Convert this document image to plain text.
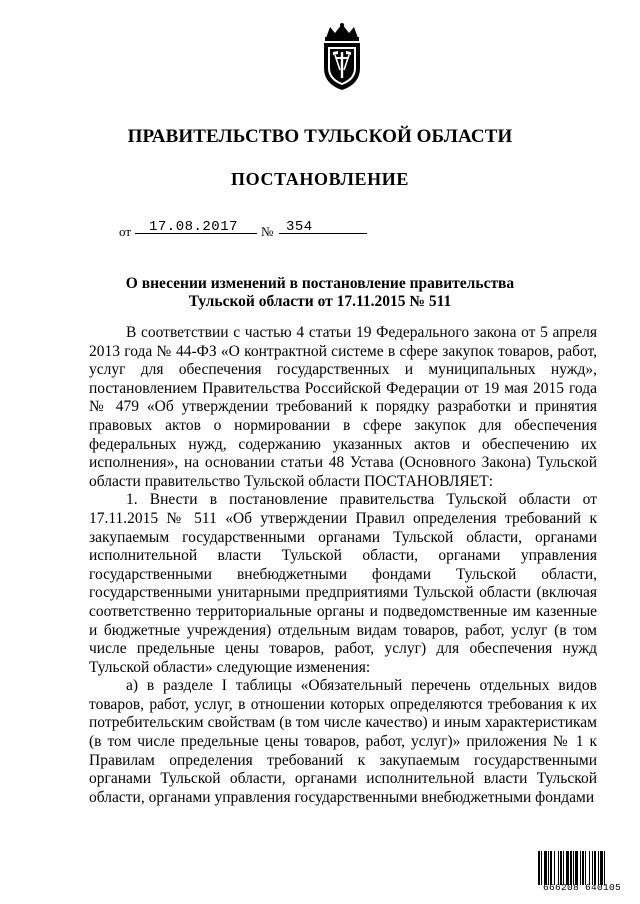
ПРАВИТЕЛЬСТВО ТУЛЬСКОЙ ОБЛАСТИ
ПОСТАНОВЛЕНИЕ
от 17.08.2017 № 354
О внесении изменений в постановление правительства
Тульской области от 17.11.2015 № 511

В соответствии с частью 4 статьи 19 Федерального закона от 5 апреля 2013 года № 44-ФЗ «О контрактной системе в сфере закупок товаров, работ, услуг для обеспечения государственных и муниципальных нужд», постановлением Правительства Российской Федерации от 19 мая 2015 года № 479 «Об утверждении требований к порядку разработки и принятия правовых актов о нормировании в сфере закупок для обеспечения федеральных нужд, содержанию указанных актов и обеспечению их исполнения», на основании статьи 48 Устава (Основного Закона) Тульской области правительство Тульской области ПОСТАНОВЛЯЕТ:

1. Внести в постановление правительства Тульской области от 17.11.2015 № 511 «Об утверждении Правил определения требований к закупаемым государственными органами Тульской области, органами исполнительной власти Тульской области, органами управления государственными внебюджетными фондами Тульской области, государственными унитарными предприятиями Тульской области (включая соответственно территориальные органы и подведомственные им казенные и бюджетные учреждения) отдельным видам товаров, работ, услуг (в том числе предельные цены товаров, работ, услуг) для обеспечения нужд Тульской области» следующие изменения:

а) в разделе I таблицы «Обязательный перечень отдельных видов товаров, работ, услуг, в отношении которых определяются требования к их потребительским свойствам (в том числе качество) и иным характеристикам (в том числе предельные цены товаров, работ, услуг)» приложения № 1 к Правилам определения требований к закупаемым государственными органами Тульской области, органами исполнительной власти Тульской области, органами управления государственными внебюджетными фондами

666208 640105
